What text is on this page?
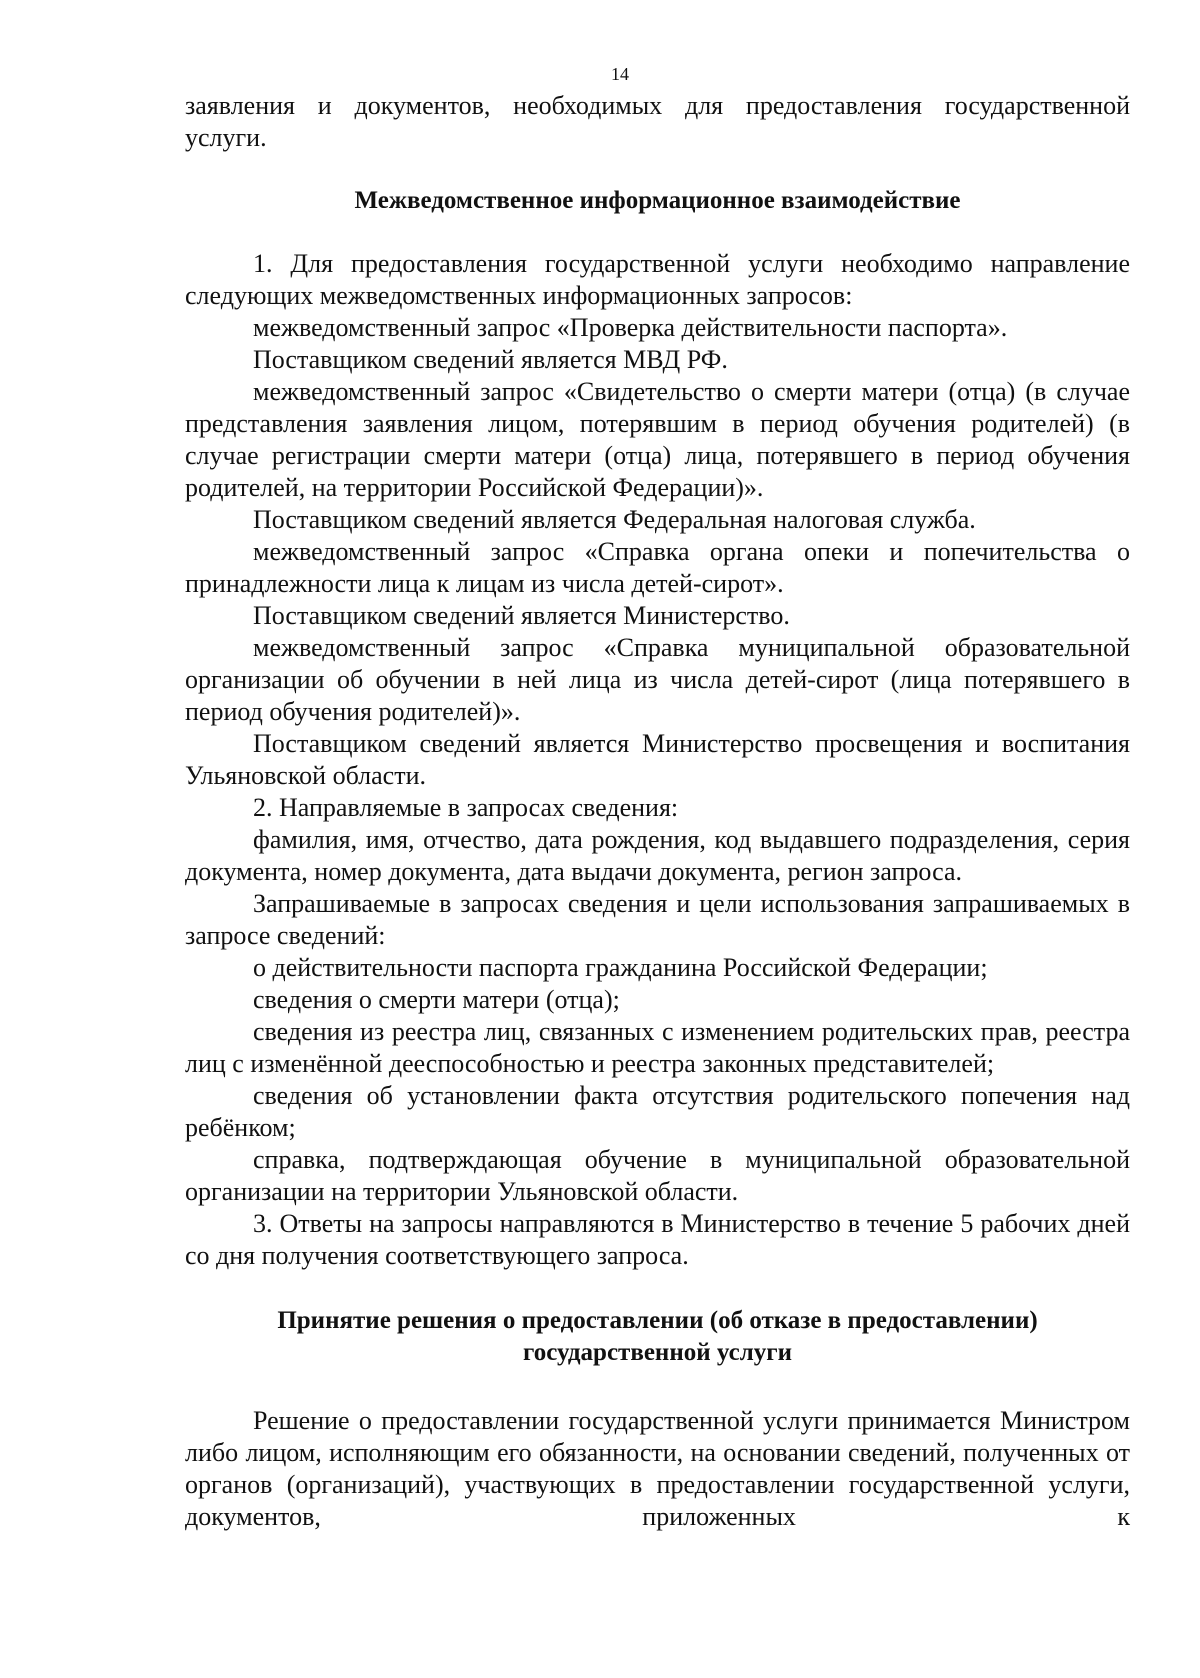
14

заявления и документов, необходимых для предоставления государственной

услуги.

Межведомственное информационное взаимодействие

1. Для предоставления государственной услуги необходимо направление следующих межведомственных информационных запросов:

межведомственный запрос «Проверка действительности паспорта».

Поставщиком сведений является МВД РФ.

межведомственный запрос «Свидетельство о смерти матери (отца) (в случае представления заявления лицом, потерявшим в период обучения родителей) (в случае регистрации смерти матери (отца) лица, потерявшего в период обучения родителей, на территории Российской Федерации)».

Поставщиком сведений является Федеральная налоговая служба.

межведомственный запрос «Справка органа опеки и попечительства о принадлежности лица к лицам из числа детей-сирот».

Поставщиком сведений является Министерство.

межведомственный запрос «Справка муниципальной образовательной организации об обучении в ней лица из числа детей-сирот (лица потерявшего в период обучения родителей)».

Поставщиком сведений является Министерство просвещения и воспитания Ульяновской области.

2. Направляемые в запросах сведения:

фамилия, имя, отчество, дата рождения, код выдавшего подразделения, серия документа, номер документа, дата выдачи документа, регион запроса.

Запрашиваемые в запросах сведения и цели использования запрашиваемых в запросе сведений:

о действительности паспорта гражданина Российской Федерации;

сведения о смерти матери (отца);

сведения из реестра лиц, связанных с изменением родительских прав, реестра лиц с изменённой дееспособностью и реестра законных представителей;

сведения об установлении факта отсутствия родительского попечения над ребёнком;

справка, подтверждающая обучение в муниципальной образовательной организации на территории Ульяновской области.

3. Ответы на запросы направляются в Министерство в течение 5 рабочих дней со дня получения соответствующего запроса.

Принятие решения о предоставлении (об отказе в предоставлении)

государственной услуги

Решение о предоставлении государственной услуги принимается Министром либо лицом, исполняющим его обязанности, на основании сведений, полученных от органов (организаций), участвующих в предоставлении государственной услуги, документов, приложенных к
